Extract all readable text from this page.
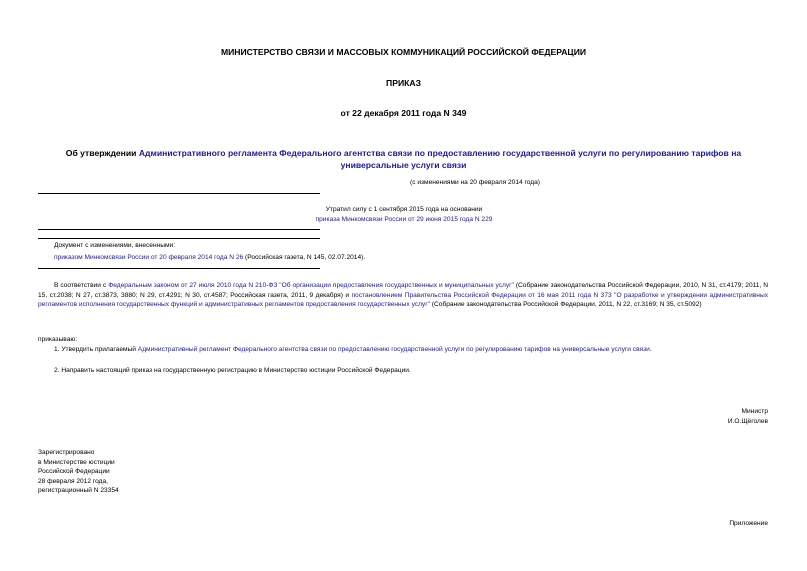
МИНИСТЕРСТВО СВЯЗИ И МАССОВЫХ КОММУНИКАЦИЙ РОССИЙСКОЙ ФЕДЕРАЦИИ
ПРИКАЗ
от 22 декабря 2011 года N 349
Об утверждении Административного регламента Федерального агентства связи по предоставлению государственной услуги по регулированию тарифов на универсальные услуги связи
(с изменениями на 20 февраля 2014 года)
Утратил силу с 1 сентября 2015 года на основании
приказа Минкомсвязи России от 29 июня 2015 года N 229
Документ с изменениями, внесенными:
приказом Минкомсвязи России от 20 февраля 2014 года N 26 (Российская газета, N 145, 02.07.2014).
В соответствии с Федеральным законом от 27 июля 2010 года N 210-ФЗ "Об организации предоставления государственных и муниципальных услуг" (Собрание законодательства Российской Федерации, 2010, N 31, ст.4179; 2011, N 15, ст.2038; N 27, ст.3873, 3880; N 29, ст.4291; N 30, ст.4587; Российская газета, 2011, 9 декабря) и постановлением Правительства Российской Федерации от 16 мая 2011 года N 373 "О разработке и утверждении административных регламентов исполнения государственных функций и административных регламентов предоставления государственных услуг" (Собрание законодательства Российской Федерации, 2011, N 22, ст.3169; N 35, ст.5092)
приказываю:
1. Утвердить прилагаемый Административный регламент Федерального агентства связи по предоставлению государственной услуги по регулированию тарифов на универсальные услуги связи.
2. Направить настоящий приказ на государственную регистрацию в Министерство юстиции Российской Федерации.
Министр
И.О.Щёголев
Зарегистрировано
в Министерстве юстиции
Российской Федерации
28 февраля 2012 года,
регистрационный N 23354
Приложение
